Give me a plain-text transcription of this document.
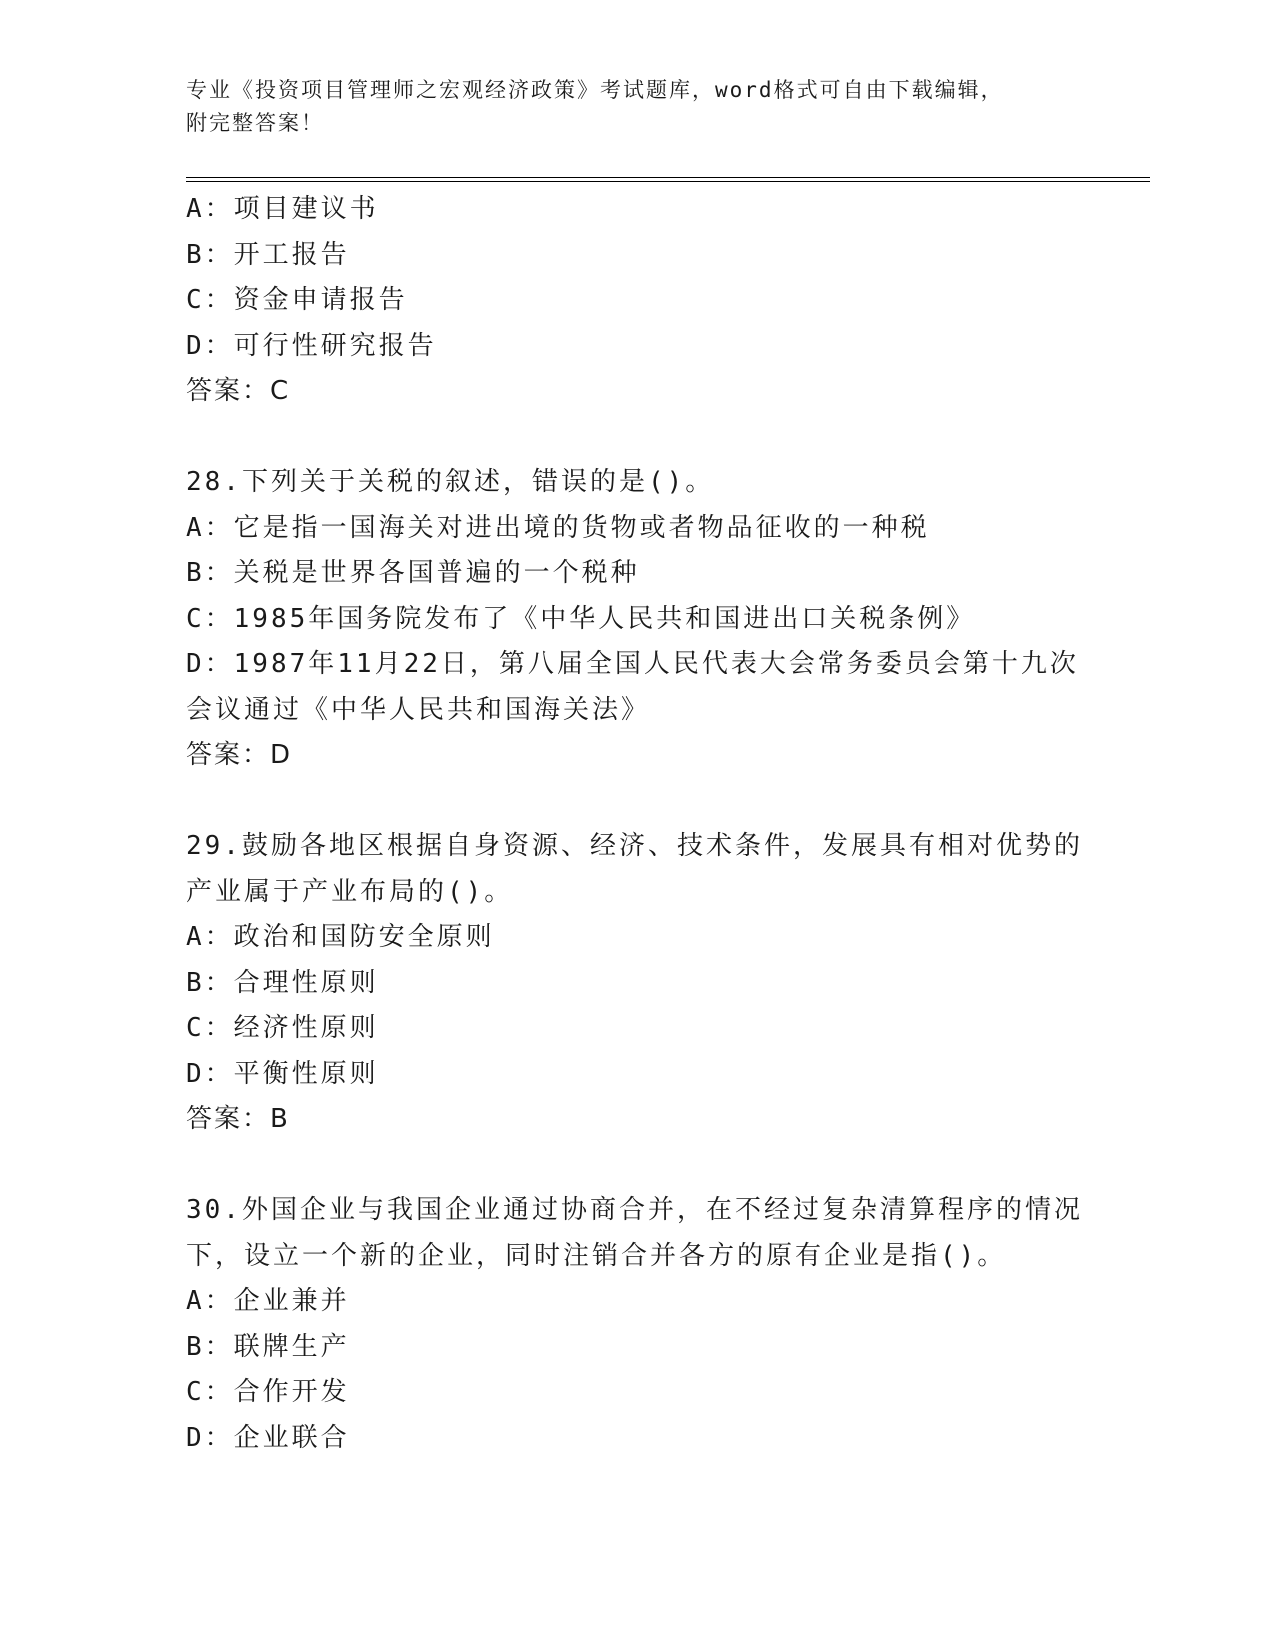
专业《投资项目管理师之宏观经济政策》考试题库，word格式可自由下载编辑，
附完整答案！
A：项目建议书
B：开工报告
C：资金申请报告
D：可行性研究报告
答案：C
28.下列关于关税的叙述，错误的是()。
A：它是指一国海关对进出境的货物或者物品征收的一种税
B：关税是世界各国普遍的一个税种
C：1985年国务院发布了《中华人民共和国进出口关税条例》
D：1987年11月22日，第八届全国人民代表大会常务委员会第十九次
会议通过《中华人民共和国海关法》
答案：D
29.鼓励各地区根据自身资源、经济、技术条件，发展具有相对优势的
产业属于产业布局的()。
A：政治和国防安全原则
B：合理性原则
C：经济性原则
D：平衡性原则
答案：B
30.外国企业与我国企业通过协商合并，在不经过复杂清算程序的情况
下，设立一个新的企业，同时注销合并各方的原有企业是指()。
A：企业兼并
B：联牌生产
C：合作开发
D：企业联合
